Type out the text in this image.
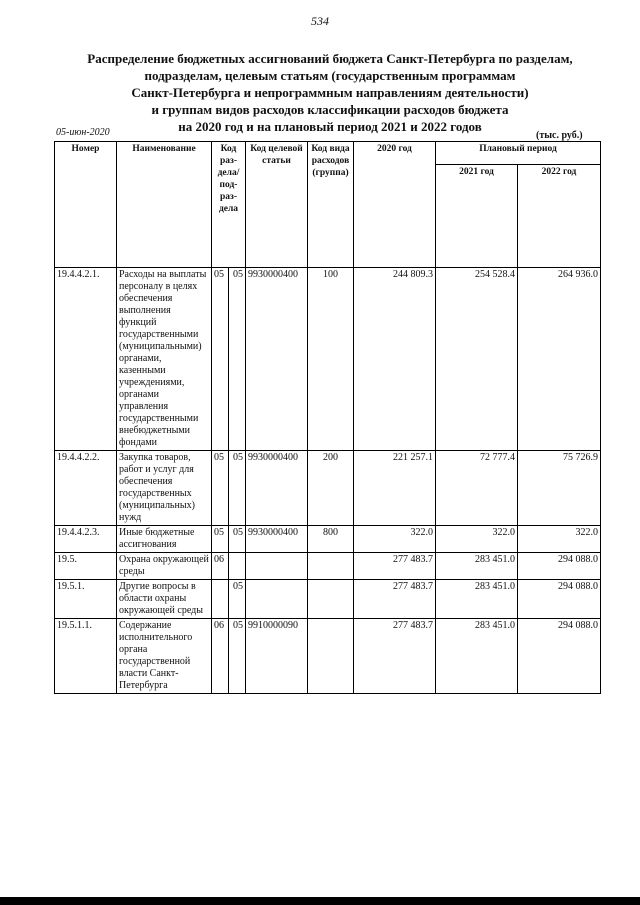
534
Распределение бюджетных ассигнований бюджета Санкт-Петербурга по разделам,
подразделам, целевым статьям (государственным программам
Санкт-Петербурга и непрограммным направлениям деятельности)
и группам видов расходов классификации расходов бюджета
на 2020 год и на плановый период 2021 и 2022 годов
05-июн-2020	(тыс. руб.)
Номер	Наименование	Код раз-дела/ под-раз-дела		Код целевой статьи	Код вида расходов (группа)	2020 год	Плановый период	
							2021 год	2022 год
19.4.4.2.1.	Расходы на выплаты персоналу в целях обеспечения выполнения функций государственными (муниципальными) органами, казенными учреждениями, органами управления государственными внебюджетными фондами	05	05	9930000400	100	244 809.3	254 528.4	264 936.0
19.4.4.2.2.	Закупка товаров, работ и услуг для обеспечения государственных (муниципальных) нужд	05	05	9930000400	200	221 257.1	72 777.4	75 726.9
19.4.4.2.3.	Иные бюджетные ассигнования	05	05	9930000400	800	322.0	322.0	322.0
19.5.	Охрана окружающей среды	06				277 483.7	283 451.0	294 088.0
19.5.1.	Другие вопросы в области охраны окружающей среды		05			277 483.7	283 451.0	294 088.0
19.5.1.1.	Содержание исполнительного органа государственной власти Санкт-Петербурга	06	05	9910000090		277 483.7	283 451.0	294 088.0
